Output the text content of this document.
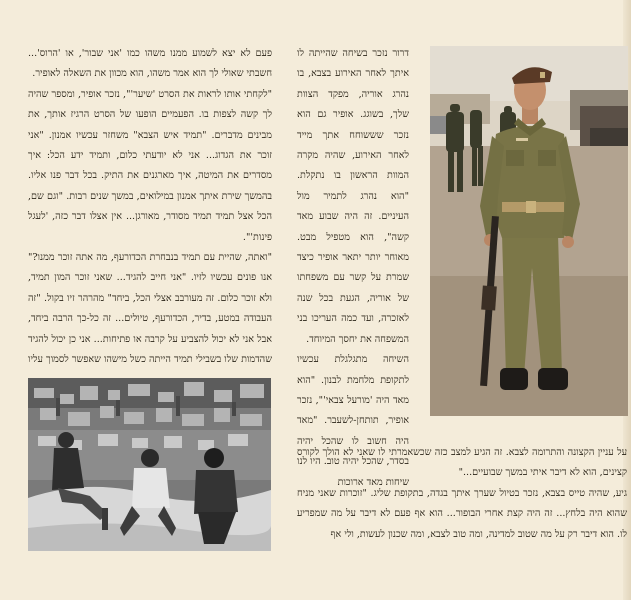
פעם לא יצא לשמוע ממנו משהו כמו 'אני שבור', או 'הרוס'... חשבתי שאולי לך הוא אמר משהו, הוא מכוון את השאלה לאופיר.

"לקחתי אותו לראות את הסרט 'שיער'", נזכר אופיר, ומספר שהיה לך קשה לצפות בו. הפעמיים הופעו של הסרט הרגיז אותך, את מבינים מדברים. "תמיד איש הצבא" משחזר עכשיו אמנון. "אני זוכר את הגדוג... אני לא יודעתי כלום, ותמיד ידע הכל: איך מסדרים את המיטה, איך מארגנים את התיק. בכל דבר פנו אליו. בהמשך שירת איתך אמנון במילואים, במשך שנים רבות. "וגם שם, הכל אצל תמיד תמיד מסודר, מאורגן... אין אצלו דבר כזה, 'לעגל פינות'".

"ואתה, שהיית עם תמיד בנבחרת הכדורעף, מה אתה זוכר ממנו?" אנו פונים עכשיו לזיו. "אני חייב להגיד... שאני זוכר המון תמיד, ולא זוכר כלום. זה מעורבב אצלי הכל, ביחד" מהרהר זיו בקול. "זה העבודה במטע, בדיר, הכדורעף, טיולים... זה כל-כך הרבה ביחד, אבל אני לא יכול להצביע על קרבה או פתיחות... אני כן יכול להגיד שהדמות שלו בשבילי תמיד הייתה כשל מישהו שאפשר לסמוך עליו

דרור נזכר בשיחה שהייתה לו איתך לאחר האירוע בצבא, בו נהרג אוריה, מפקד הצוות שלך, בשוגג. אופיר גם הוא נזכר שששוחח אתך מייד לאחר האירוע, שהיה מקרה המוות הראשון בו נתקלת. "הוא נהרג לתמיר מול העיניים. זה היה שבוע מאד קשה", הוא מטפיל מבט. מאוחר יותר יתאר אופיר כיצד שמרת על קשר עם משפחתו של אוריה, הגעת בכל שנה לאזכרה, ועד כמה העריכו בני המשפחה את יחסך המיוחד.

השיחה מתגלגלת עכשיו לתקופת מלחמת לבנון. "הוא מאד היה 'מורעל צבאי'", נזכר אופיר, תותחן-לשעבר. "מאד היה חשוב לו שהכל יהיה בסדר, שהכל יהיה טוב. היו לנו שיחות מאד ארוכות

על עניין הקצונה והתרומה לצבא. זה הגיע למצב כזה שכשאמרתי לו שאני לא הולך לקורס קצינים, הוא לא דיבר איתי במשך שבועיים..."

גיע, שהיה טייס בצבא, נזכר בטיול שערך איתך בגדה, בתקופת שליג. "זוכרות שאני מניח שהוא היה בלחץ... זה היה קצת אחרי הבופור... הוא אף פעם לא דיבר על מה שמפריע לו. הוא דיבר רק על מה שטוב למדינה, ומה טוב לצבא, ומה שכנון לעשות, ולי אף
